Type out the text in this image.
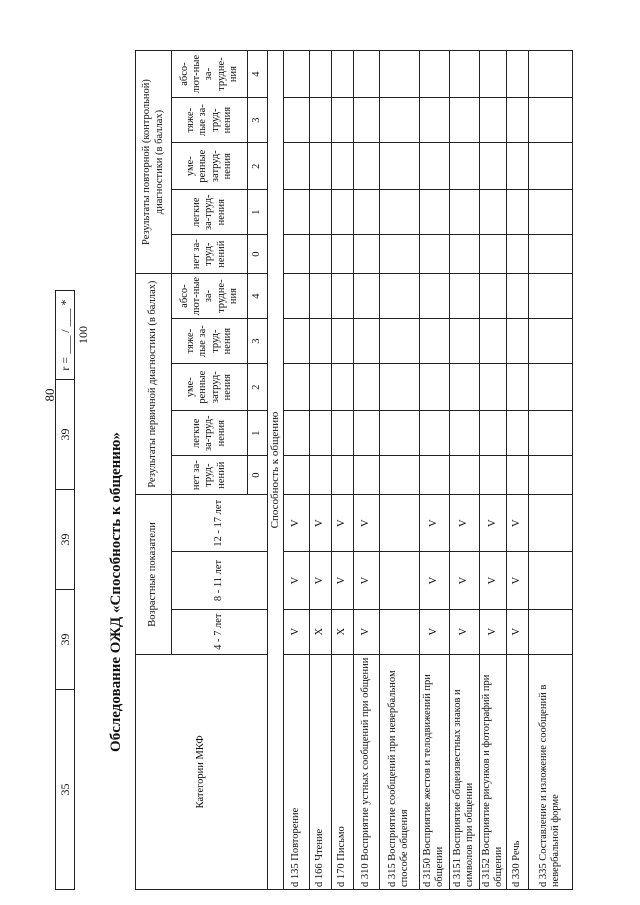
80
35
39
39
39
r = ___ / ___ * 100
Обследование ОЖД «Способность к общению»
Категории МКФ	Возрастные показатели			Результаты первичной диагностики (в баллах)					Результаты повторной (контрольной) диагностики (в баллах)				
	4 - 7 лет	8 - 11 лет	12 - 17 лет	нет за-труд-нений	легкие за-труд-нения	уме-ренные затруд-нения	тяже-лые за-труд-нения	абсо-лют-ные за-трудне-ния	нет за-труд-нений	легкие за-труд-нения	уме-ренные затруд-нения	тяже-лые за-труд-нения	абсо-лют-ные за-трудне-ния
				0	1	2	3	4	0	1	2	3	4
Способность к общению													
d 135 Повторение	V	V	V										
d 166 Чтение	X	V	V										
d 170 Письмо	X	V	V										
d 310 Восприятие устных сообщений при общении	V	V	V										
d 315 Восприятие сообщений при невербальном способе общения													
d 3150 Восприятие жестов и телодвижений при общении	V	V	V										
d 3151 Восприятие общеизвестных знаков и символов при общении	V	V	V										
d 3152 Восприятие рисунков и фотографий при общении	V	V	V										
d 330 Речь	V	V	V										
d 335 Составление и изложение сообщений в невербальной форме													
